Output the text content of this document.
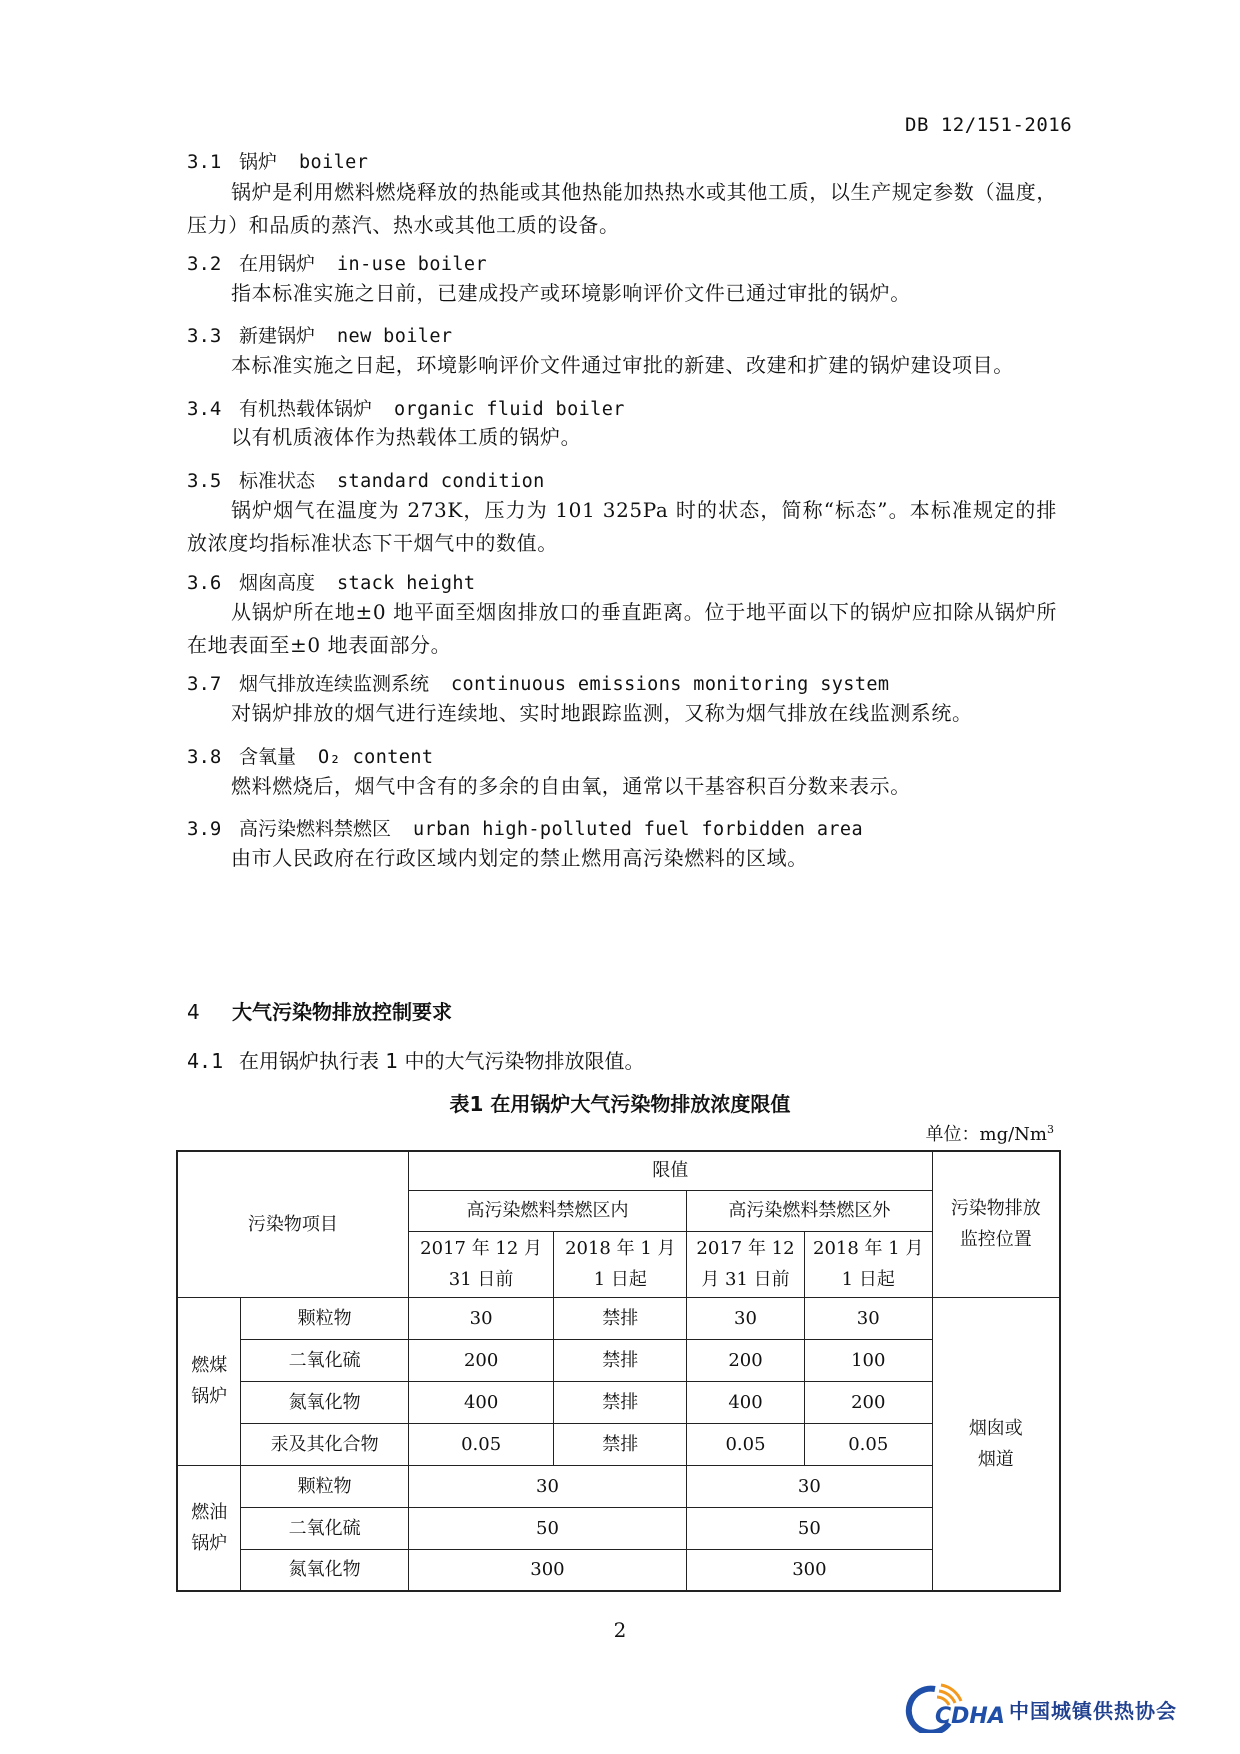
DB 12/151-2016
3.1 锅炉 boiler
锅炉是利用燃料燃烧释放的热能或其他热能加热热水或其他工质，以生产规定参数（温度，压力）和品质的蒸汽、热水或其他工质的设备。
3.2 在用锅炉 in-use boiler
指本标准实施之日前，已建成投产或环境影响评价文件已通过审批的锅炉。
3.3 新建锅炉 new boiler
本标准实施之日起，环境影响评价文件通过审批的新建、改建和扩建的锅炉建设项目。
3.4 有机热载体锅炉 organic fluid boiler
以有机质液体作为热载体工质的锅炉。
3.5 标准状态 standard condition
锅炉烟气在温度为 273K，压力为 101 325Pa 时的状态，简称“标态”。本标准规定的排放浓度均指标准状态下干烟气中的数值。
3.6 烟囱高度 stack height
从锅炉所在地±0 地平面至烟囱排放口的垂直距离。位于地平面以下的锅炉应扣除从锅炉所在地表面至±0 地表面部分。
3.7 烟气排放连续监测系统 continuous emissions monitoring system
对锅炉排放的烟气进行连续地、实时地跟踪监测，又称为烟气排放在线监测系统。
3.8 含氧量 O₂ content
燃料燃烧后，烟气中含有的多余的自由氧，通常以干基容积百分数来表示。
3.9 高污染燃料禁燃区 urban high-polluted fuel forbidden area
由市人民政府在行政区域内划定的禁止燃用高污染燃料的区域。
4 大气污染物排放控制要求
4.1 在用锅炉执行表 1 中的大气污染物排放限值。
表1 在用锅炉大气污染物排放浓度限值
单位：mg/Nm$^3$
污染物项目		限值				污染物排放监控位置
		高污染燃料禁燃区内		高污染燃料禁燃区外		
		2017 年 12 月 31 日前	2018 年 1 月 1 日起	2017 年 12 月 31 日前	2018 年 1 月 1 日起	
燃煤锅炉	颗粒物	30	禁排	30	30	烟囱或烟道
	二氧化硫	200	禁排	200	100	
	氮氧化物	400	禁排	400	200	
	汞及其化合物	0.05	禁排	0.05	0.05	
燃油锅炉	颗粒物	30		30		
	二氧化硫	50		50		
	氮氧化物	300		300		
2
CDHA 中国城镇供热协会
